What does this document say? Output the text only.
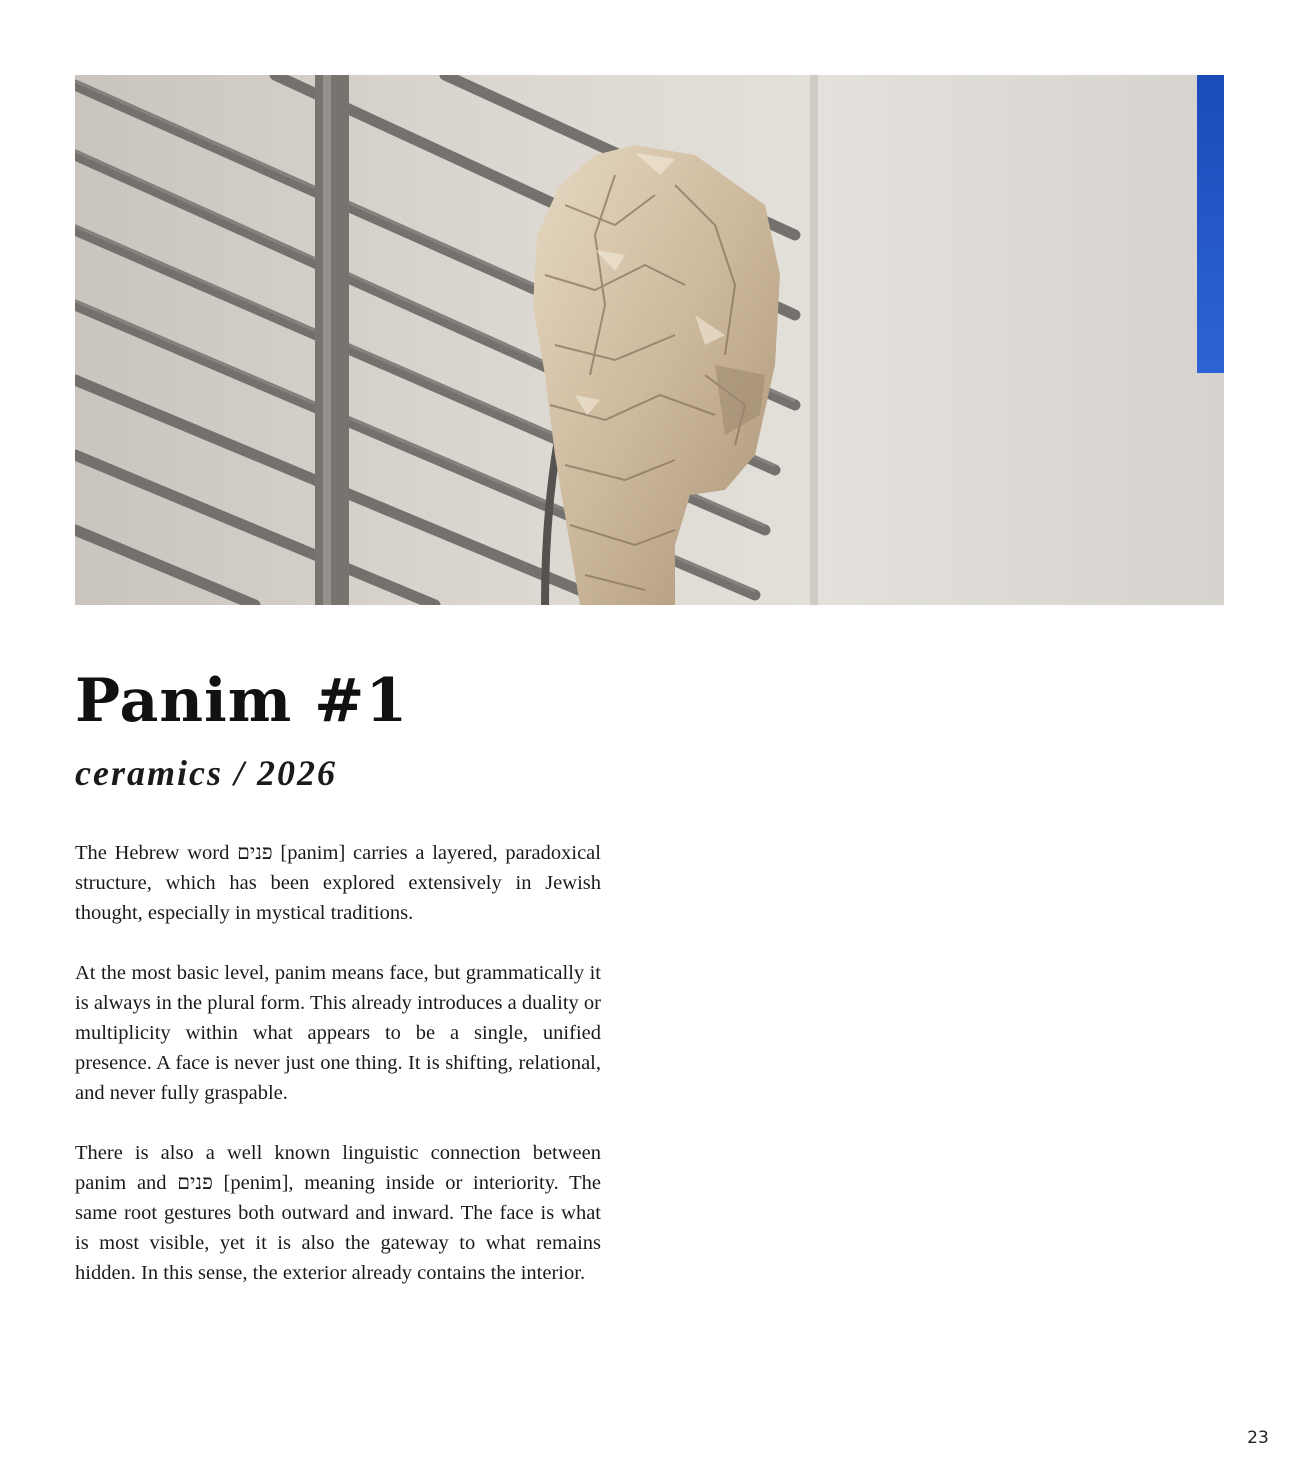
Panim #1
ceramics / 2026

The Hebrew word פנים [panim] carries a layered, paradoxical structure, which has been explored extensively in Jewish thought, especially in mystical traditions.

At the most basic level, panim means face, but grammatically it is always in the plural form. This already introduces a duality or multiplicity within what appears to be a single, unified presence. A face is never just one thing. It is shifting, relational, and never fully graspable.

There is also a well known linguistic connection between panim and פנים [penim], meaning inside or interiority. The same root gestures both outward and inward. The face is what is most visible, yet it is also the gateway to what remains hidden. In this sense, the exterior already contains the interior.

23
